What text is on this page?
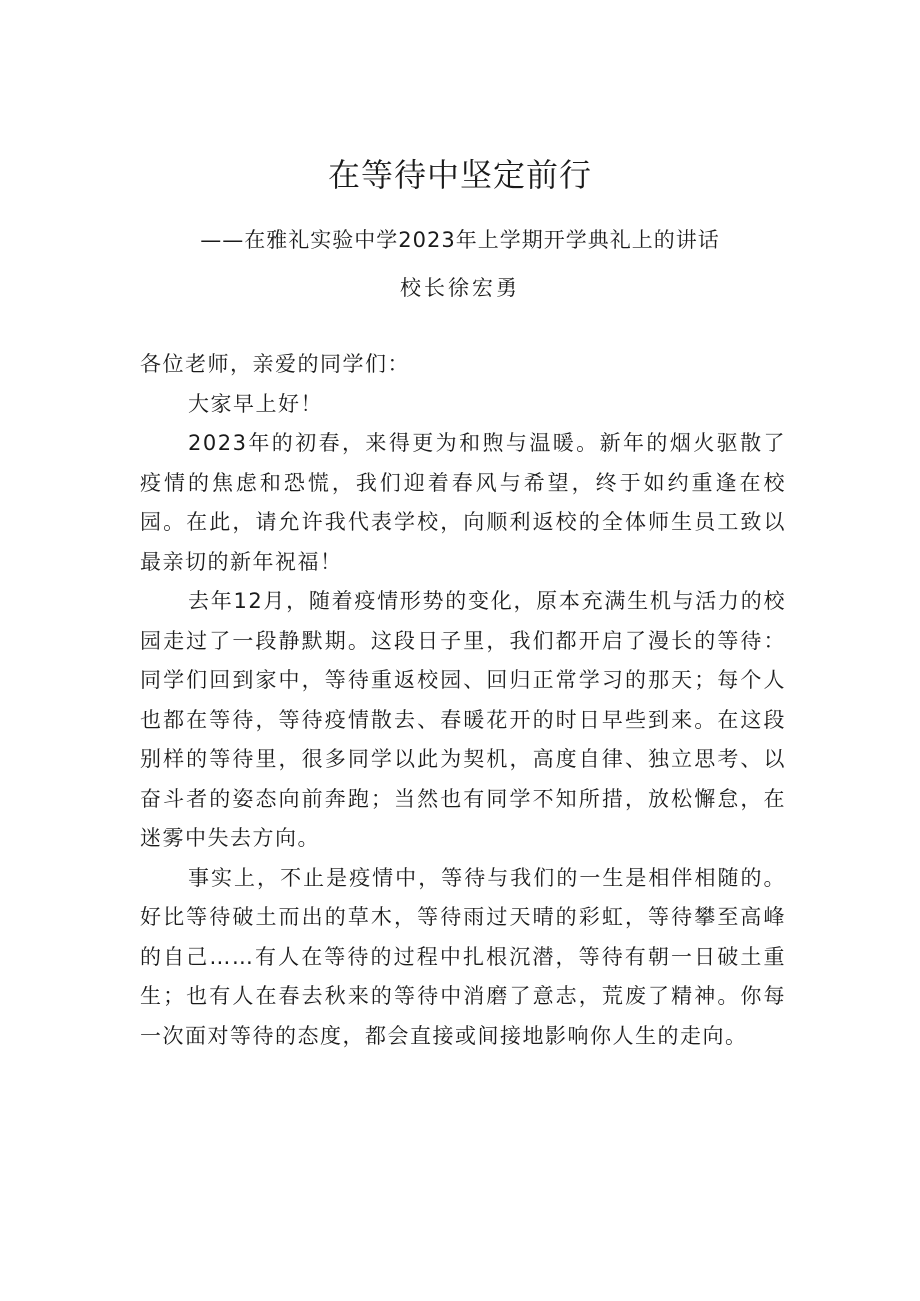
在等待中坚定前行
——在雅礼实验中学2023年上学期开学典礼上的讲话
校长徐宏勇

各位老师，亲爱的同学们：

大家早上好！

2023年的初春，来得更为和煦与温暖。新年的烟火驱散了疫情的焦虑和恐慌，我们迎着春风与希望，终于如约重逢在校园。在此，请允许我代表学校，向顺利返校的全体师生员工致以最亲切的新年祝福！

去年12月，随着疫情形势的变化，原本充满生机与活力的校园走过了一段静默期。这段日子里，我们都开启了漫长的等待：同学们回到家中，等待重返校园、回归正常学习的那天；每个人也都在等待，等待疫情散去、春暖花开的时日早些到来。在这段别样的等待里，很多同学以此为契机，高度自律、独立思考、以奋斗者的姿态向前奔跑；当然也有同学不知所措，放松懈怠，在迷雾中失去方向。

事实上，不止是疫情中，等待与我们的一生是相伴相随的。好比等待破土而出的草木，等待雨过天晴的彩虹，等待攀至高峰的自己……有人在等待的过程中扎根沉潜，等待有朝一日破土重生；也有人在春去秋来的等待中消磨了意志，荒废了精神。你每一次面对等待的态度，都会直接或间接地影响你人生的走向。
